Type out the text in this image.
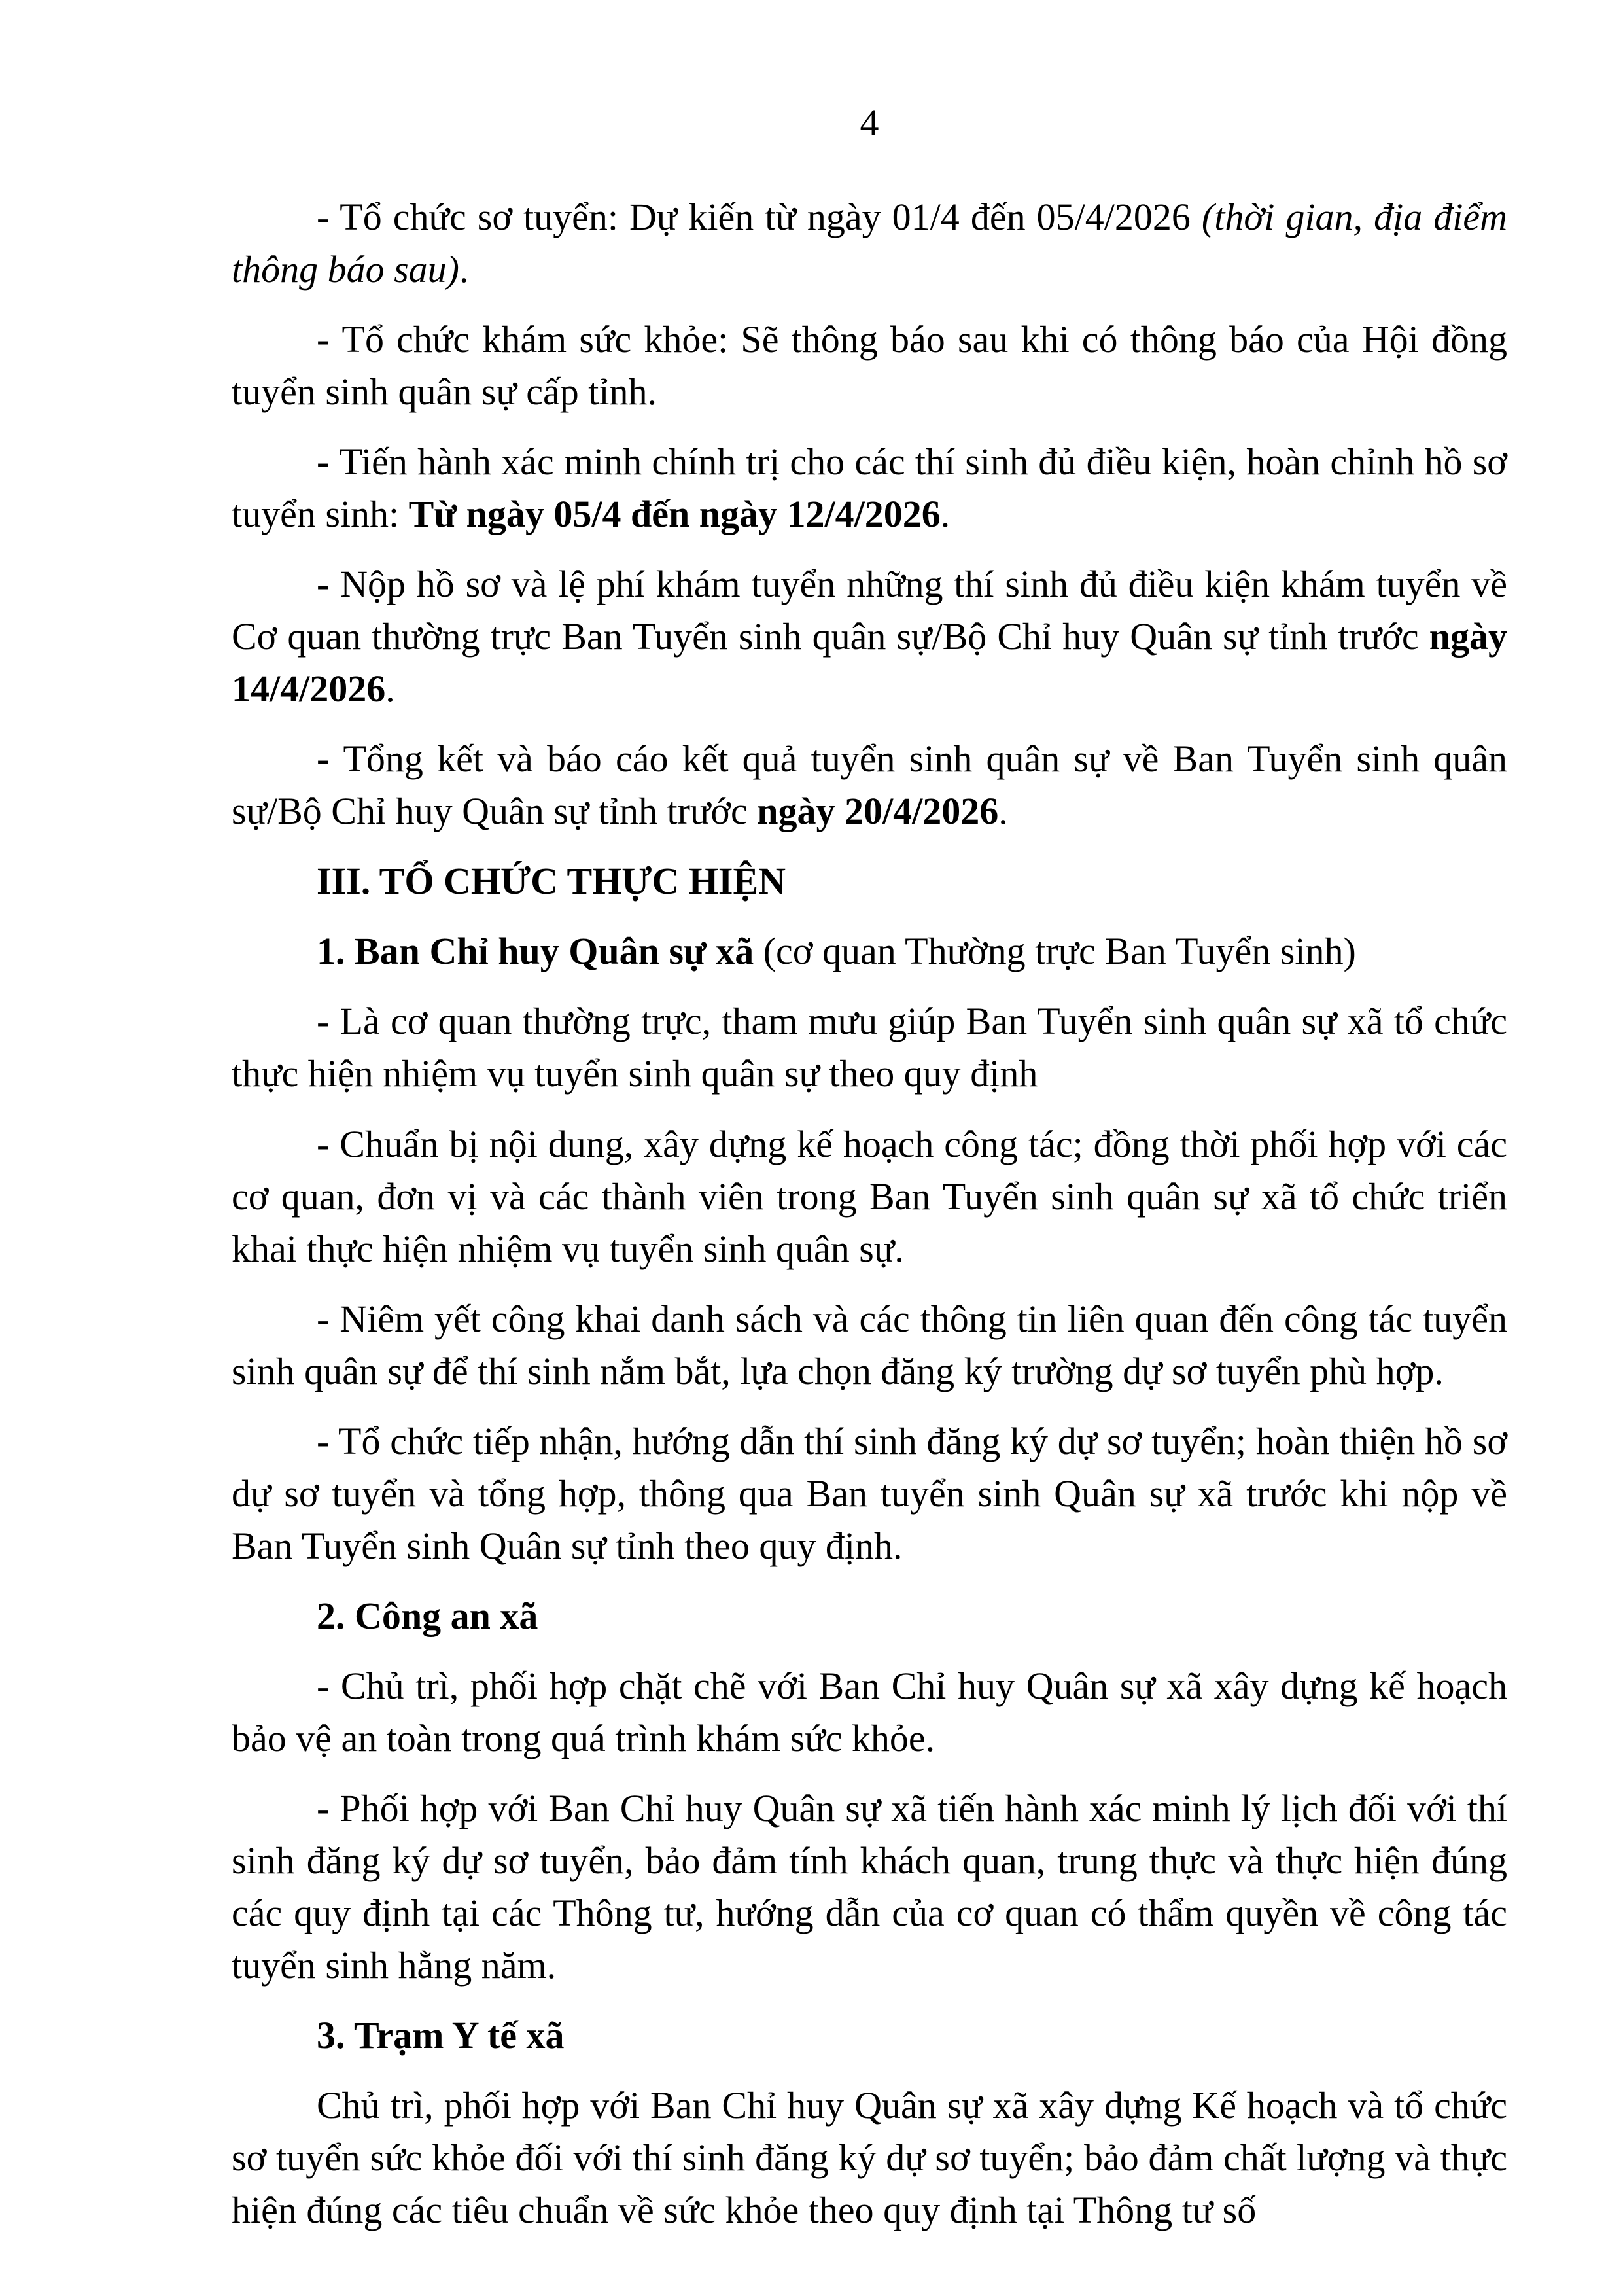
4

- Tổ chức sơ tuyển: Dự kiến từ ngày 01/4 đến 05/4/2026 (thời gian, địa điểm thông báo sau).

- Tổ chức khám sức khỏe: Sẽ thông báo sau khi có thông báo của Hội đồng tuyển sinh quân sự cấp tỉnh.

- Tiến hành xác minh chính trị cho các thí sinh đủ điều kiện, hoàn chỉnh hồ sơ tuyển sinh: Từ ngày 05/4 đến ngày 12/4/2026.

- Nộp hồ sơ và lệ phí khám tuyển những thí sinh đủ điều kiện khám tuyển về Cơ quan thường trực Ban Tuyển sinh quân sự/Bộ Chỉ huy Quân sự tỉnh trước ngày 14/4/2026.

- Tổng kết và báo cáo kết quả tuyển sinh quân sự về Ban Tuyển sinh quân sự/Bộ Chỉ huy Quân sự tỉnh trước ngày 20/4/2026.

III. TỔ CHỨC THỰC HIỆN

1. Ban Chỉ huy Quân sự xã (cơ quan Thường trực Ban Tuyển sinh)

- Là cơ quan thường trực, tham mưu giúp Ban Tuyển sinh quân sự xã tổ chức thực hiện nhiệm vụ tuyển sinh quân sự theo quy định

- Chuẩn bị nội dung, xây dựng kế hoạch công tác; đồng thời phối hợp với các cơ quan, đơn vị và các thành viên trong Ban Tuyển sinh quân sự xã tổ chức triển khai thực hiện nhiệm vụ tuyển sinh quân sự.

- Niêm yết công khai danh sách và các thông tin liên quan đến công tác tuyển sinh quân sự để thí sinh nắm bắt, lựa chọn đăng ký trường dự sơ tuyển phù hợp.

- Tổ chức tiếp nhận, hướng dẫn thí sinh đăng ký dự sơ tuyển; hoàn thiện hồ sơ dự sơ tuyển và tổng hợp, thông qua Ban tuyển sinh Quân sự xã trước khi nộp về Ban Tuyển sinh Quân sự tỉnh theo quy định.

2. Công an xã

- Chủ trì, phối hợp chặt chẽ với Ban Chỉ huy Quân sự xã xây dựng kế hoạch bảo vệ an toàn trong quá trình khám sức khỏe.

- Phối hợp với Ban Chỉ huy Quân sự xã tiến hành xác minh lý lịch đối với thí sinh đăng ký dự sơ tuyển, bảo đảm tính khách quan, trung thực và thực hiện đúng các quy định tại các Thông tư, hướng dẫn của cơ quan có thẩm quyền về công tác tuyển sinh hằng năm.

3. Trạm Y tế xã

Chủ trì, phối hợp với Ban Chỉ huy Quân sự xã xây dựng Kế hoạch và tổ chức sơ tuyển sức khỏe đối với thí sinh đăng ký dự sơ tuyển; bảo đảm chất lượng và thực hiện đúng các tiêu chuẩn về sức khỏe theo quy định tại Thông tư số
